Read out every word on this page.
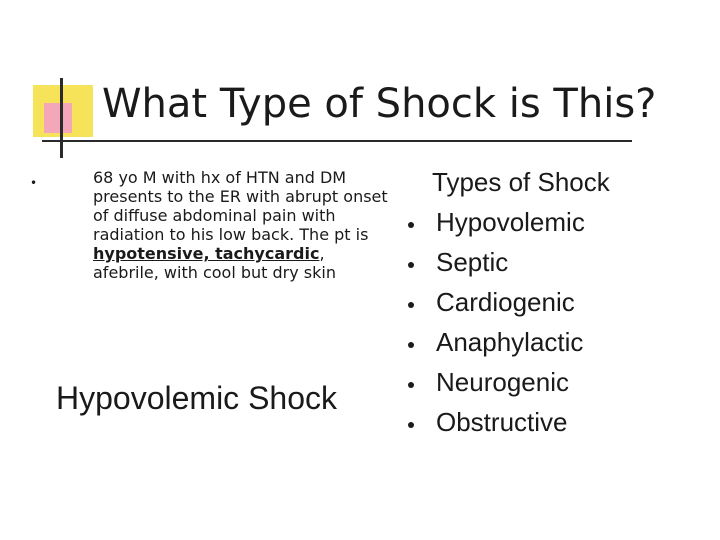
What Type of Shock is This?
•	68 yo M with hx of HTN and DM presents to the ER with abrupt onset of diffuse abdominal pain with radiation to his low back. The pt is hypotensive, tachycardic, afebrile, with cool but dry skin

Hypovolemic Shock

Types of Shock
Hypovolemic
Septic
Cardiogenic
Anaphylactic
Neurogenic
Obstructive
